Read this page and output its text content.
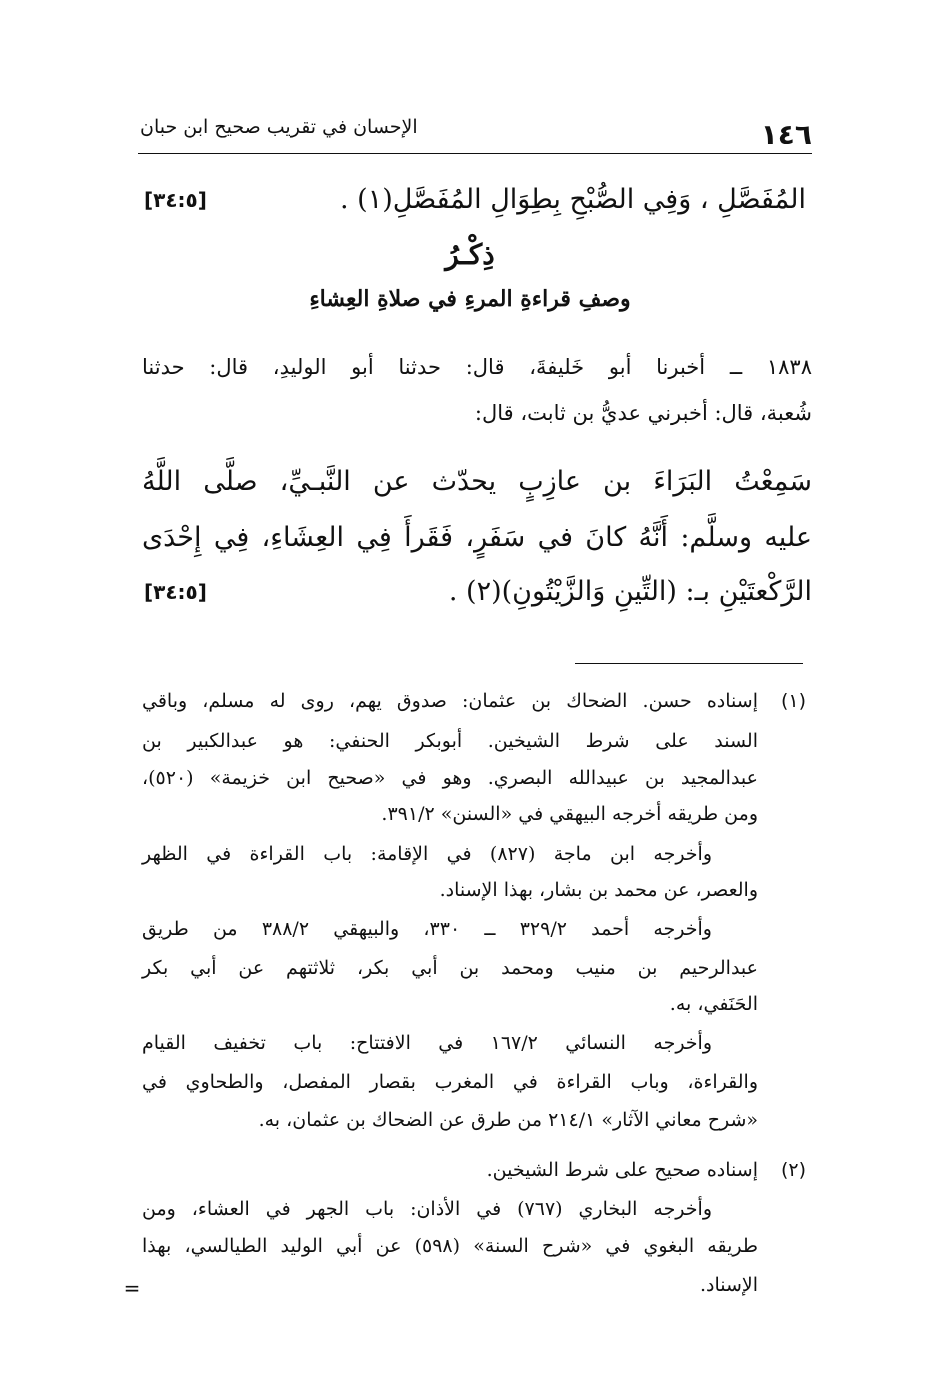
١٤٦
الإحسان في تقريب صحيح ابن حبان
المُفَصَّلِ ، وَفِي الصُّبْحِ بِطِوَالِ المُفَصَّلِ(١) .
[٣٤:٥]
ذِكْـرُ
وصفِ قراءةِ المرءِ في صلاةِ العِشاءِ
١٨٣٨ ــ أخبرنا أبو خَليفةَ، قال: حدثنا أبو الوليدِ، قال: حدثنا
شُعبة، قال: أخبرني عديُّ بن ثابت، قال:
سَمِعْتُ البَرَاءَ بن عازِبٍ يحدّث عن النَّبـيِّ، صلَّى اللَّهُ
عليه وسلَّم: أَنَّهُ كانَ في سَفَرٍ، فَقَرأَ فِي العِشَاءِ، فِي إِحْدَى
الرَّكْعتَيْنِ بـ: (التِّينِ وَالزَّيْتُونِ)(٢) .
[٣٤:٥]
(١)
إسناده حسن. الضحاك بن عثمان: صدوق يهم، روى له مسلم، وباقي
السند على شرط الشيخين. أبوبكر الحنفي: هو عبدالكبير بن
عبدالمجيد بن عبيدالله البصري. وهو في «صحيح ابن خزيمة» (٥٢٠)،
ومن طريقه أخرجه البيهقي في «السنن» ٣٩١/٢.
وأخرجه ابن ماجة (٨٢٧) في الإقامة: باب القراءة في الظهر
والعصر، عن محمد بن بشار، بهذا الإسناد.
وأخرجه أحمد ٣٢٩/٢ ــ ٣٣٠، والبيهقي ٣٨٨/٢ من طريق
عبدالرحيم بن منيب ومحمد بن أبي بكر، ثلاثتهم عن أبي بكر
الحَنَفي، به.
وأخرجه النسائي ١٦٧/٢ في الافتتاح: باب تخفيف القيام
والقراءة، وباب القراءة في المغرب بقصار المفصل، والطحاوي في
«شرح معاني الآثار» ٢١٤/١ من طرق عن الضحاك بن عثمان، به.
(٢)
إسناده صحيح على شرط الشيخين.
وأخرجه البخاري (٧٦٧) في الأذان: باب الجهر في العشاء، ومن
طريقه البغوي في «شرح السنة» (٥٩٨) عن أبي الوليد الطيالسي، بهذا
الإسناد.
=
